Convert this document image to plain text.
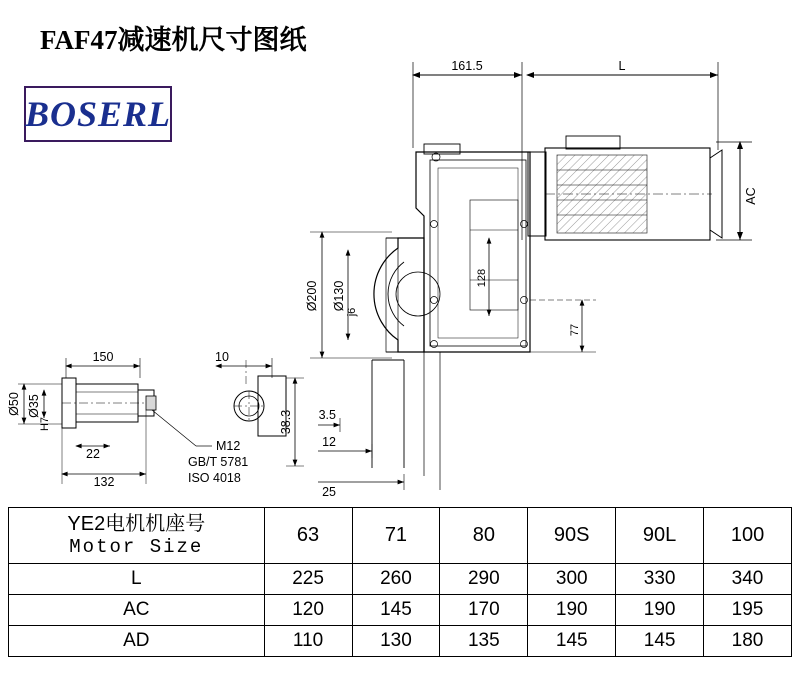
FAF47减速机尺寸图纸
BOSERL
161.5	L
AC
128
77
Ø200 Ø130
j6
3.5
12
25
150	10
22
132
Ø50 Ø35
H7	38.3
M12
GB/T 5781
ISO 4018
YE2电机机座号
Motor Size	63	71	80	90S	90L	100
L	225	260	290	300	330	340
AC	120	145	170	190	190	195
AD	110	130	135	145	145	180
